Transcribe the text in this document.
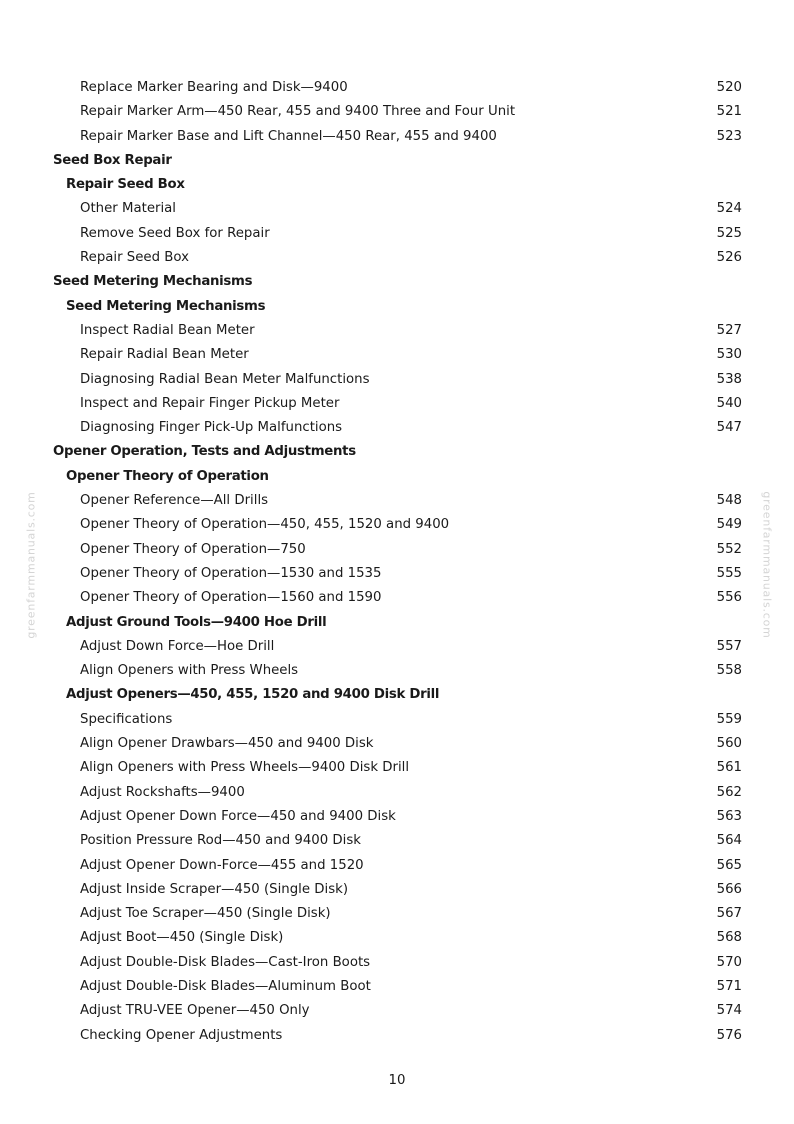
Replace Marker Bearing and Disk—9400	520
Repair Marker Arm—450 Rear, 455 and 9400 Three and Four Unit	521
Repair Marker Base and Lift Channel—450 Rear, 455 and 9400	523
Seed Box Repair
Repair Seed Box
Other Material	524
Remove Seed Box for Repair	525
Repair Seed Box	526
Seed Metering Mechanisms
Seed Metering Mechanisms
Inspect Radial Bean Meter	527
Repair Radial Bean Meter	530
Diagnosing Radial Bean Meter Malfunctions	538
Inspect and Repair Finger Pickup Meter	540
Diagnosing Finger Pick-Up Malfunctions	547
Opener Operation, Tests and Adjustments
Opener Theory of Operation
Opener Reference—All Drills	548
Opener Theory of Operation—450, 455, 1520 and 9400	549
Opener Theory of Operation—750	552
Opener Theory of Operation—1530 and 1535	555
Opener Theory of Operation—1560 and 1590	556
Adjust Ground Tools—9400 Hoe Drill
Adjust Down Force—Hoe Drill	557
Align Openers with Press Wheels	558
Adjust Openers—450, 455, 1520 and 9400 Disk Drill
Specifications	559
Align Opener Drawbars—450 and 9400 Disk	560
Align Openers with Press Wheels—9400 Disk Drill	561
Adjust Rockshafts—9400	562
Adjust Opener Down Force—450 and 9400 Disk	563
Position Pressure Rod—450 and 9400 Disk	564
Adjust Opener Down-Force—455 and 1520	565
Adjust Inside Scraper—450 (Single Disk)	566
Adjust Toe Scraper—450 (Single Disk)	567
Adjust Boot—450 (Single Disk)	568
Adjust Double-Disk Blades—Cast-Iron Boots	570
Adjust Double-Disk Blades—Aluminum Boot	571
Adjust TRU-VEE Opener—450 Only	574
Checking Opener Adjustments	576
greenfarmmanuals.com	greenfarmmanuals.com
10
